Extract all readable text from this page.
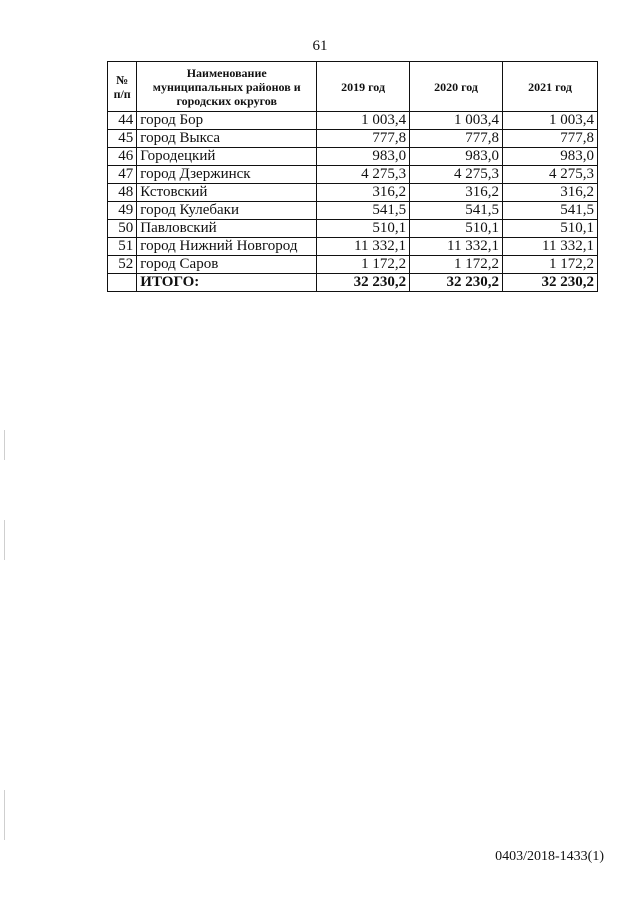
61
№ п/п	Наименование муниципальных районов и городских округов	2019 год	2020 год	2021 год
44	город Бор	1 003,4	1 003,4	1 003,4
45	город Выкса	777,8	777,8	777,8
46	Городецкий	983,0	983,0	983,0
47	город Дзержинск	4 275,3	4 275,3	4 275,3
48	Кстовский	316,2	316,2	316,2
49	город Кулебаки	541,5	541,5	541,5
50	Павловский	510,1	510,1	510,1
51	город Нижний Новгород	11 332,1	11 332,1	11 332,1
52	город Саров	1 172,2	1 172,2	1 172,2
	ИТОГО:	32 230,2	32 230,2	32 230,2
0403/2018-1433(1)
